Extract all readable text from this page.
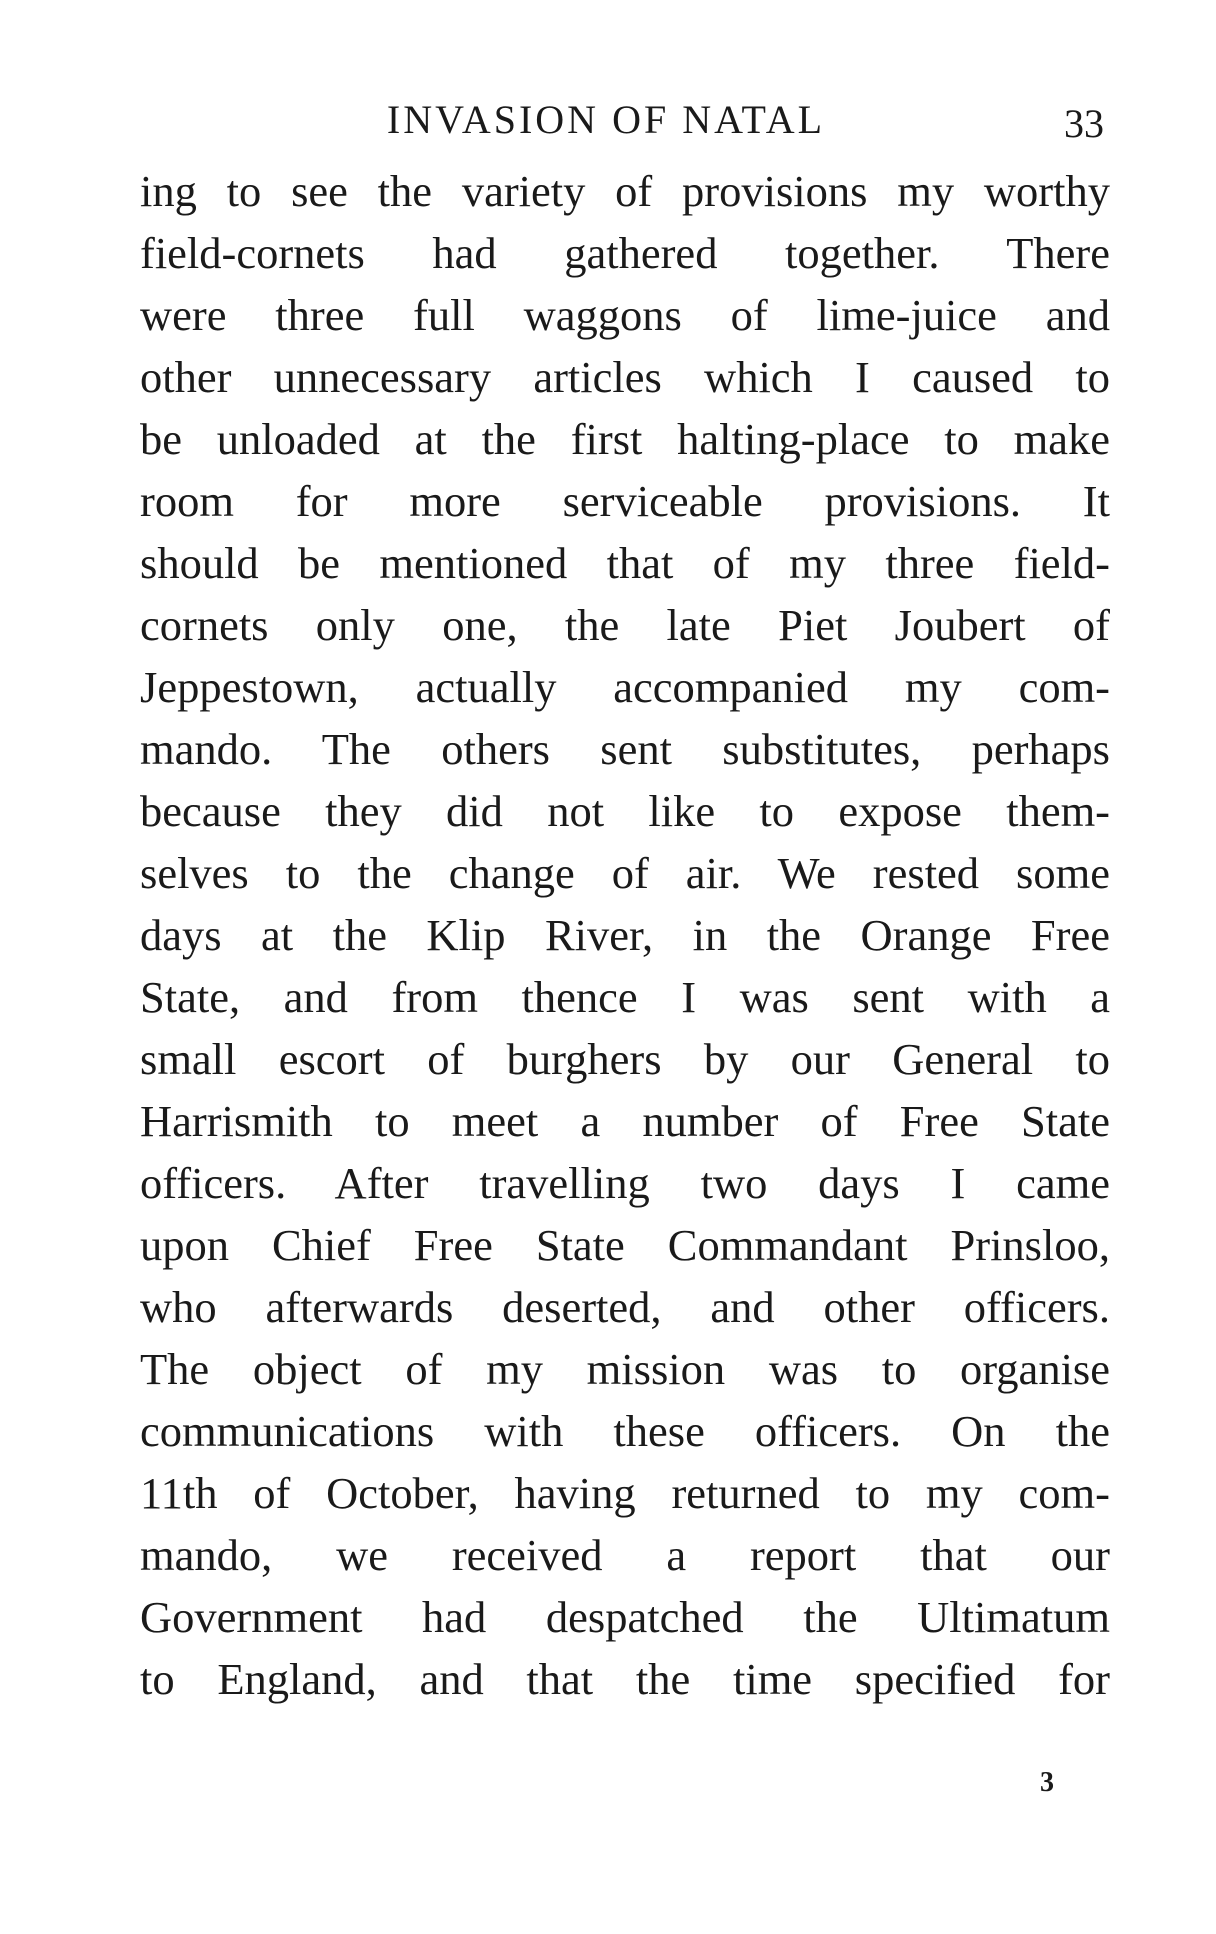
INVASION OF NATAL	33
ing to see the variety of provisions my worthy
field-cornets had gathered together. There
were three full waggons of lime-juice and
other unnecessary articles which I caused to
be unloaded at the first halting-place to make
room for more serviceable provisions. It
should be mentioned that of my three field-
cornets only one, the late Piet Joubert of
Jeppestown, actually accompanied my com-
mando. The others sent substitutes, perhaps
because they did not like to expose them-
selves to the change of air. We rested some
days at the Klip River, in the Orange Free
State, and from thence I was sent with a
small escort of burghers by our General to
Harrismith to meet a number of Free State
officers. After travelling two days I came
upon Chief Free State Commandant Prinsloo,
who afterwards deserted, and other officers.
The object of my mission was to organise
communications with these officers. On the
11th of October, having returned to my com-
mando, we received a report that our
Government had despatched the Ultimatum
to England, and that the time specified for
3
